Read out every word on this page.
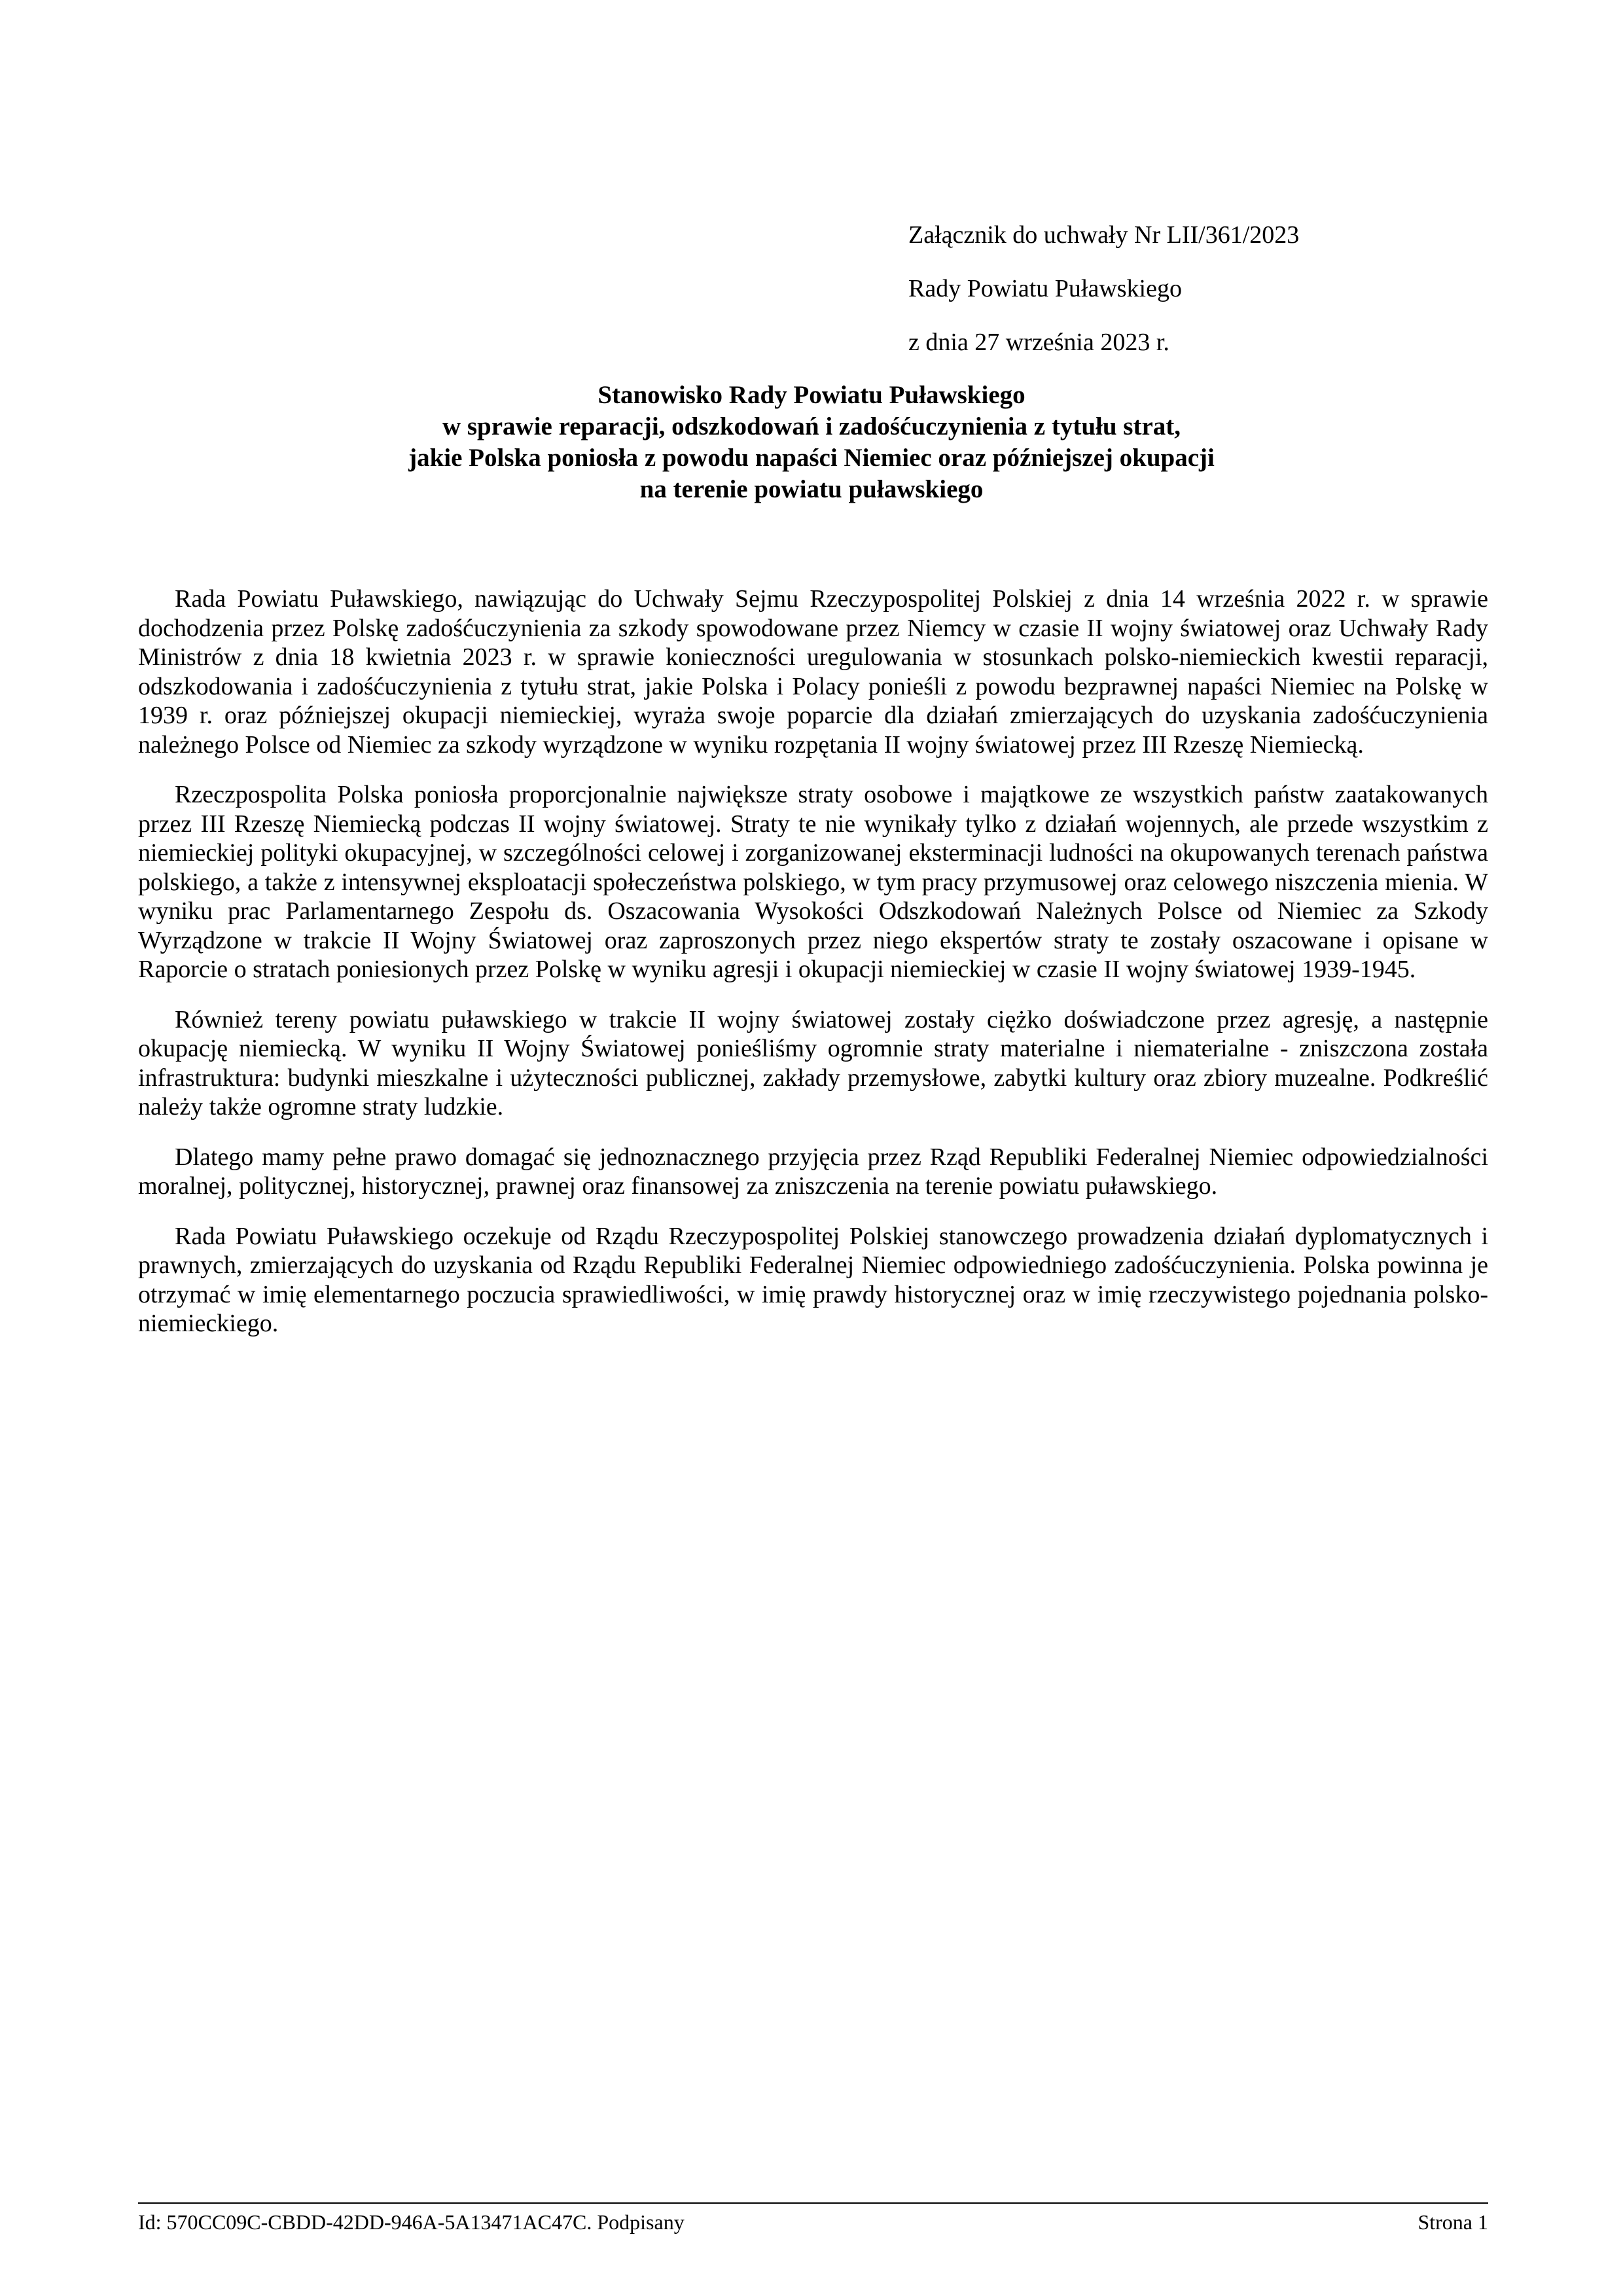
Załącznik do uchwały Nr LII/361/2023
Rady Powiatu Puławskiego
z dnia 27 września 2023 r.
Stanowisko Rady Powiatu Puławskiego
w sprawie reparacji, odszkodowań i zadośćuczynienia z tytułu strat,
jakie Polska poniosła z powodu napaści Niemiec oraz późniejszej okupacji
na terenie powiatu puławskiego

Rada Powiatu Puławskiego, nawiązując do Uchwały Sejmu Rzeczypospolitej Polskiej z dnia 14 września 2022 r. w sprawie dochodzenia przez Polskę zadośćuczynienia za szkody spowodowane przez Niemcy w czasie II wojny światowej oraz Uchwały Rady Ministrów z dnia 18 kwietnia 2023 r. w sprawie konieczności uregulowania w stosunkach polsko-niemieckich kwestii reparacji, odszkodowania i zadośćuczynienia z tytułu strat, jakie Polska i Polacy ponieśli z powodu bezprawnej napaści Niemiec na Polskę w 1939 r. oraz późniejszej okupacji niemieckiej, wyraża swoje poparcie dla działań zmierzających do uzyskania zadośćuczynienia należnego Polsce od Niemiec za szkody wyrządzone w wyniku rozpętania II wojny światowej przez III Rzeszę Niemiecką.

Rzeczpospolita Polska poniosła proporcjonalnie największe straty osobowe i majątkowe ze wszystkich państw zaatakowanych przez III Rzeszę Niemiecką podczas II wojny światowej. Straty te nie wynikały tylko z działań wojennych, ale przede wszystkim z niemieckiej polityki okupacyjnej, w szczególności celowej i zorganizowanej eksterminacji ludności na okupowanych terenach państwa polskiego, a także z intensywnej eksploatacji społeczeństwa polskiego, w tym pracy przymusowej oraz celowego niszczenia mienia. W wyniku prac Parlamentarnego Zespołu ds. Oszacowania Wysokości Odszkodowań Należnych Polsce od Niemiec za Szkody Wyrządzone w trakcie II Wojny Światowej oraz zaproszonych przez niego ekspertów straty te zostały oszacowane i opisane w Raporcie o stratach poniesionych przez Polskę w wyniku agresji i okupacji niemieckiej w czasie II wojny światowej 1939-1945.

Również tereny powiatu puławskiego w trakcie II wojny światowej zostały ciężko doświadczone przez agresję, a następnie okupację niemiecką. W wyniku II Wojny Światowej ponieśliśmy ogromnie straty materialne i niematerialne - zniszczona została infrastruktura: budynki mieszkalne i użyteczności publicznej, zakłady przemysłowe, zabytki kultury oraz zbiory muzealne. Podkreślić należy także ogromne straty ludzkie.

Dlatego mamy pełne prawo domagać się jednoznacznego przyjęcia przez Rząd Republiki Federalnej Niemiec odpowiedzialności moralnej, politycznej, historycznej, prawnej oraz finansowej za zniszczenia na terenie powiatu puławskiego.

Rada Powiatu Puławskiego oczekuje od Rządu Rzeczypospolitej Polskiej stanowczego prowadzenia działań dyplomatycznych i prawnych, zmierzających do uzyskania od Rządu Republiki Federalnej Niemiec odpowiedniego zadośćuczynienia. Polska powinna je otrzymać w imię elementarnego poczucia sprawiedliwości, w imię prawdy historycznej oraz w imię rzeczywistego pojednania polsko-niemieckiego.

Id: 570CC09C-CBDD-42DD-946A-5A13471AC47C. Podpisany	Strona 1
